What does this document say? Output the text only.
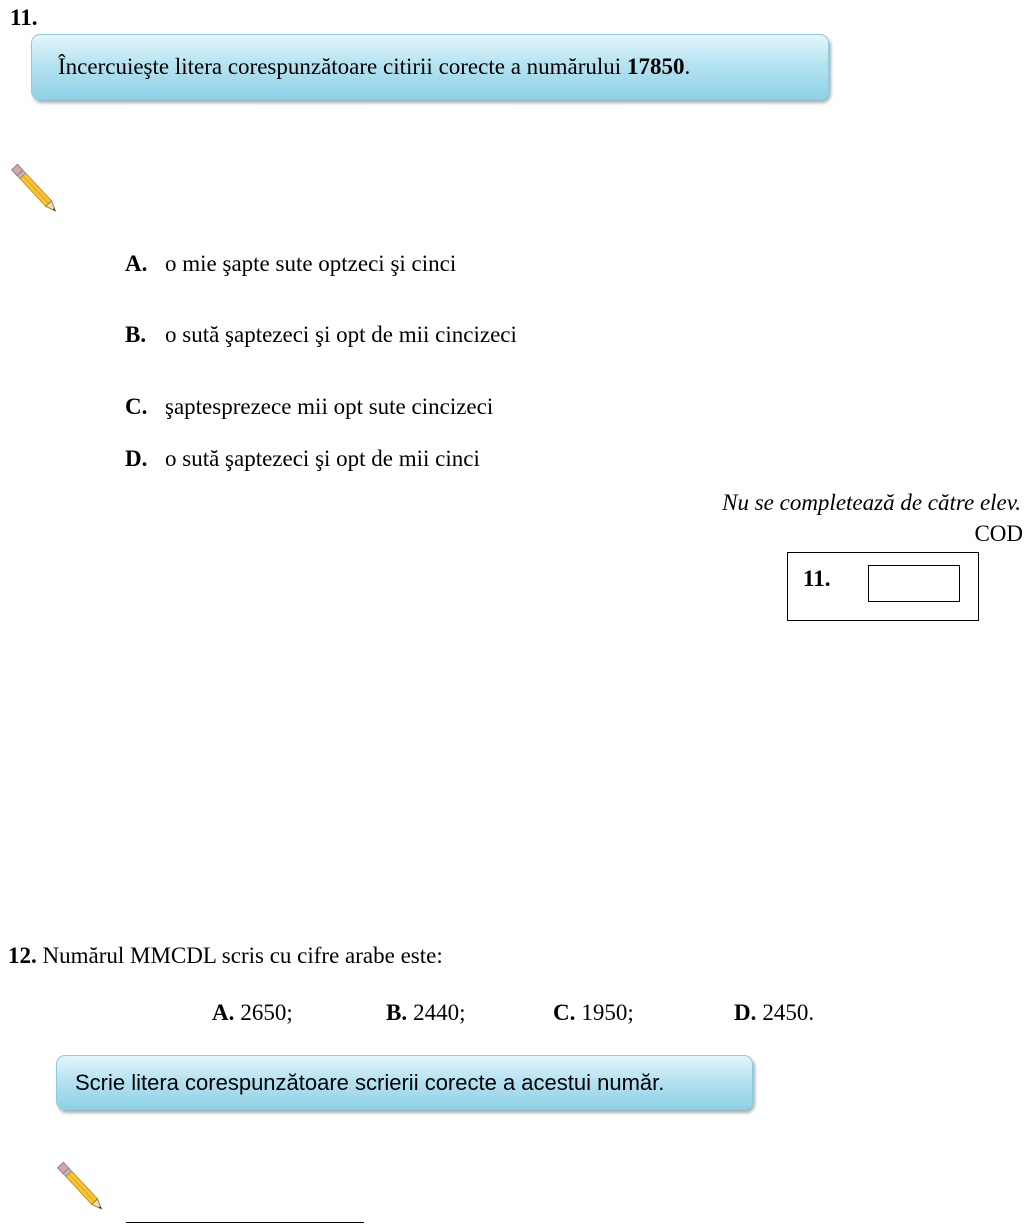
11.
Încercuieşte litera corespunzătoare citirii corecte a numărului 17850.
A. o mie şapte sute optzeci şi cinci
B. o sută şaptezeci şi opt de mii cincizeci
C. şaptesprezece mii opt sute cincizeci
D. o sută şaptezeci şi opt de mii cinci
Nu se completează de către elev.
COD
11.
12. Numărul MMCDL scris cu cifre arabe este:
A. 2650;	B. 2440;	C. 1950;	D. 2450.
Scrie litera corespunzătoare scrierii corecte a acestui număr.
